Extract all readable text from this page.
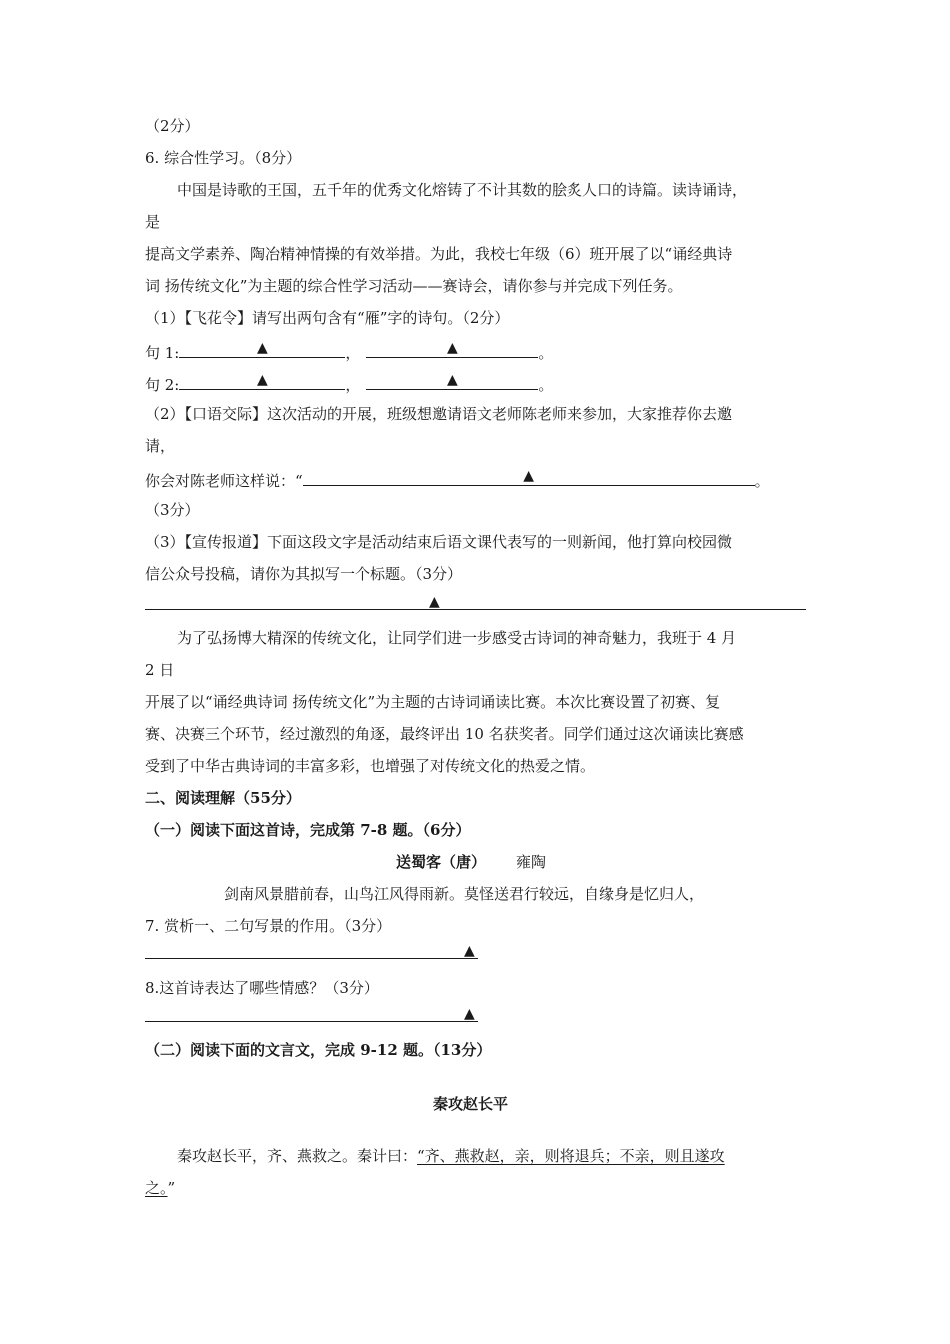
（2分）
6. 综合性学习。（8分）
中国是诗歌的王国，五千年的优秀文化熔铸了不计其数的脍炙人口的诗篇。读诗诵诗，
是
提高文学素养、陶冶精神情操的有效举措。为此，我校七年级（6）班开展了以“诵经典诗
词 扬传统文化”为主题的综合性学习活动——赛诗会，请你参与并完成下列任务。
（1）【飞花令】请写出两句含有“雁”字的诗句。（2分）
句 1:	▲	，	▲	。
句 2:	▲	，	▲	。
（2）【口语交际】这次活动的开展，班级想邀请语文老师陈老师来参加，大家推荐你去邀
请，
你会对陈老师这样说：“	▲	。
（3分）
（3）【宣传报道】下面这段文字是活动结束后语文课代表写的一则新闻，他打算向校园微
信公众号投稿，请你为其拟写一个标题。（3分）
▲
为了弘扬博大精深的传统文化，让同学们进一步感受古诗词的神奇魅力，我班于 4 月
2 日
开展了以“诵经典诗词 扬传统文化”为主题的古诗词诵读比赛。本次比赛设置了初赛、复
赛、决赛三个环节，经过激烈的角逐，最终评出 10 名获奖者。同学们通过这次诵读比赛感
受到了中华古典诗词的丰富多彩，也增强了对传统文化的热爱之情。
二、阅读理解（55分）
（一）阅读下面这首诗，完成第 7-8 题。（6分）
送蜀客（唐） 雍陶
剑南风景腊前春，山鸟江风得雨新。莫怪送君行较远，自缘身是忆归人，
7. 赏析一、二句写景的作用。（3分）
▲
8.这首诗表达了哪些情感？（3分）
▲
（二）阅读下面的文言文，完成 9-12 题。（13分）
秦攻赵长平
秦攻赵长平，齐、燕救之。秦计曰：“齐、燕救赵，亲，则将退兵；不亲，则且遂攻
之。”
